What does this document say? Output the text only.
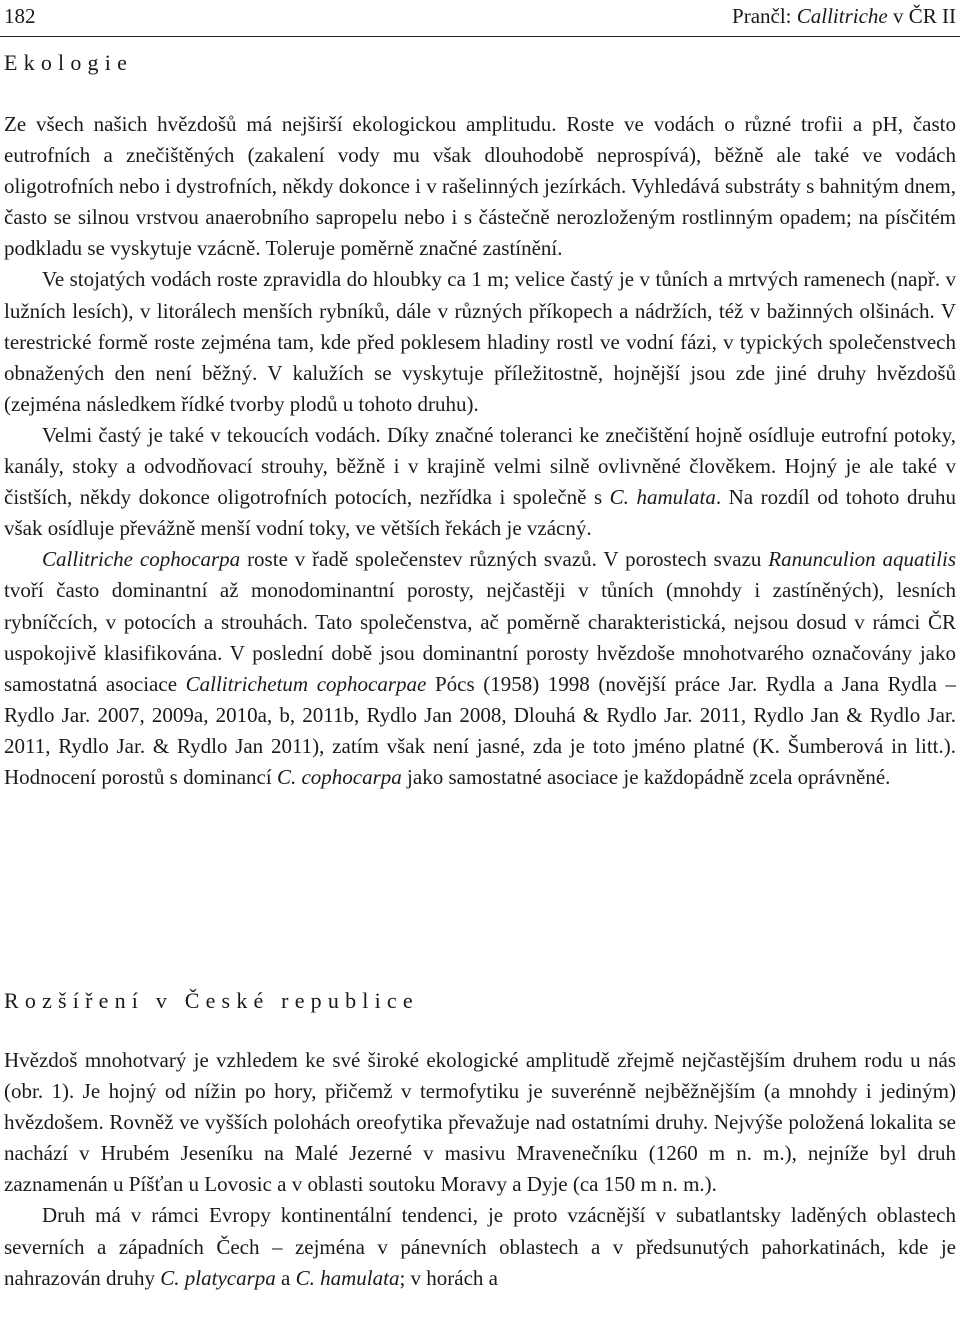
182	Prančl: Callitriche v ČR II
Ekologie

Ze všech našich hvězdošů má nejširší ekologickou amplitudu. Roste ve vodách o různé trofii a pH, často eutrofních a znečištěných (zakalení vody mu však dlouhodobě neprospívá), běžně ale také ve vodách oligotrofních nebo i dystrofních, někdy dokonce i v rašelinných jezírkách. Vyhledává substráty s bahnitým dnem, často se silnou vrstvou anaerobního sapropelu nebo i s částečně nerozloženým rostlinným opadem; na písčitém podkladu se vyskytuje vzácně. Toleruje poměrně značné zastínění.

Ve stojatých vodách roste zpravidla do hloubky ca 1 m; velice častý je v tůních a mrtvých ramenech (např. v lužních lesích), v litorálech menších rybníků, dále v různých příkopech a nádržích, též v bažinných olšinách. V terestrické formě roste zejména tam, kde před poklesem hladiny rostl ve vodní fázi, v typických společenstvech obnažených den není běžný. V kalužích se vyskytuje příležitostně, hojnější jsou zde jiné druhy hvězdošů (zejména následkem řídké tvorby plodů u tohoto druhu).

Velmi častý je také v tekoucích vodách. Díky značné toleranci ke znečištění hojně osídluje eutrofní potoky, kanály, stoky a odvodňovací strouhy, běžně i v krajině velmi silně ovlivněné člověkem. Hojný je ale také v čistších, někdy dokonce oligotrofních potocích, nezřídka i společně s C. hamulata. Na rozdíl od tohoto druhu však osídluje převážně menší vodní toky, ve větších řekách je vzácný.

Callitriche cophocarpa roste v řadě společenstev různých svazů. V porostech svazu Ranunculion aquatilis tvoří často dominantní až monodominantní porosty, nejčastěji v tůních (mnohdy i zastíněných), lesních rybníčcích, v potocích a strouhách. Tato společenstva, ač poměrně charakteristická, nejsou dosud v rámci ČR uspokojivě klasifikována. V poslední době jsou dominantní porosty hvězdoše mnohotvarého označovány jako samostatná asociace Callitrichetum cophocarpae Pócs (1958) 1998 (novější práce Jar. Rydla a Jana Rydla – Rydlo Jar. 2007, 2009a, 2010a, b, 2011b, Rydlo Jan 2008, Dlouhá & Rydlo Jar. 2011, Rydlo Jan & Rydlo Jar. 2011, Rydlo Jar. & Rydlo Jan 2011), zatím však není jasné, zda je toto jméno platné (K. Šumberová in litt.). Hodnocení porostů s dominancí C. cophocarpa jako samostatné asociace je každopádně zcela oprávněné.

Rozšíření v České republice

Hvězdoš mnohotvarý je vzhledem ke své široké ekologické amplitudě zřejmě nejčastějším druhem rodu u nás (obr. 1). Je hojný od nížin po hory, přičemž v termofytiku je suverénně nejběžnějším (a mnohdy i jediným) hvězdošem. Rovněž ve vyšších polohách oreofytika převažuje nad ostatními druhy. Nejvýše položená lokalita se nachází v Hrubém Jeseníku na Malé Jezerné v masivu Mravenečníku (1260 m n. m.), nejníže byl druh zaznamenán u Píšťan u Lovosic a v oblasti soutoku Moravy a Dyje (ca 150 m n. m.).

Druh má v rámci Evropy kontinentální tendenci, je proto vzácnější v subatlantsky laděných oblastech severních a západních Čech – zejména v pánevních oblastech a v předsunutých pahorkatinách, kde je nahrazován druhy C. platycarpa a C. hamulata; v horách a
